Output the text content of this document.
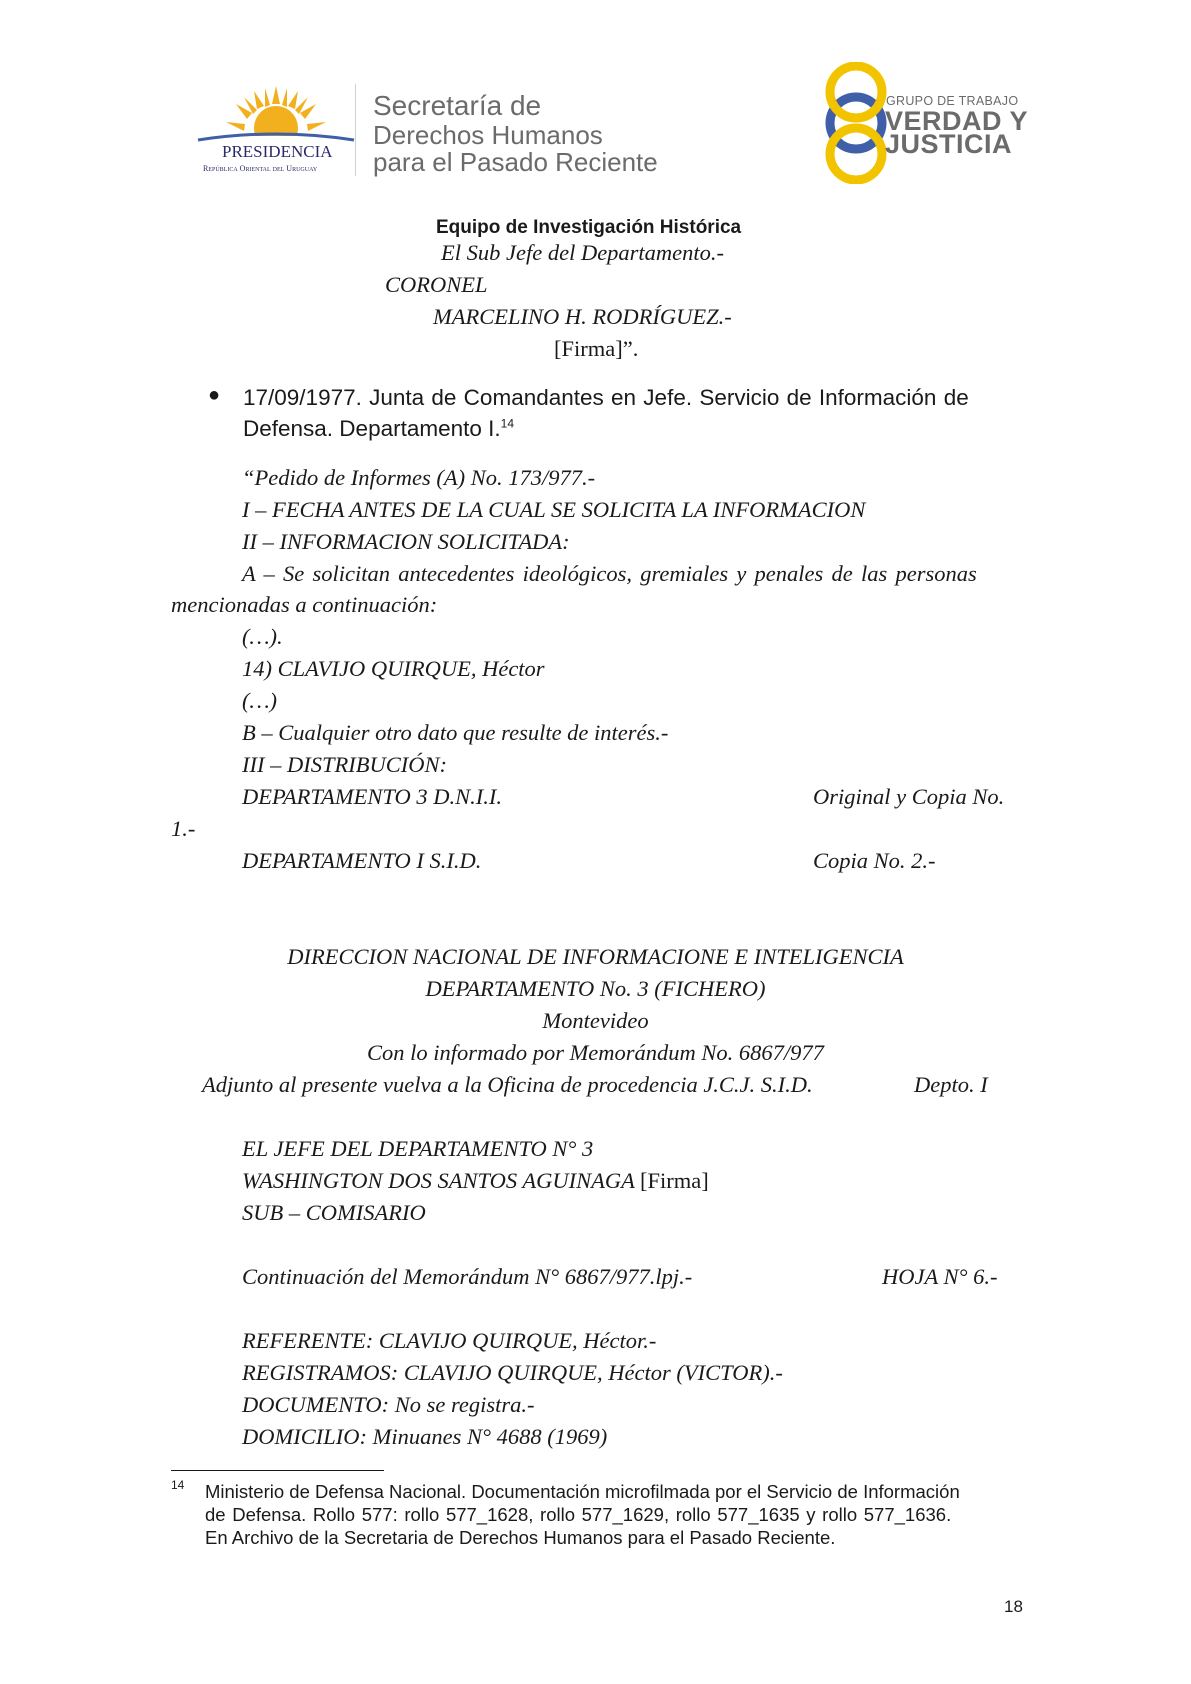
PRESIDENCIA
República Oriental del Uruguay
Secretaría de
Derechos Humanos
para el Pasado Reciente
GRUPO DE TRABAJO
VERDAD Y
JUSTICIA
Equipo de Investigación Histórica
El Sub Jefe del Departamento.-
CORONEL
MARCELINO H. RODRÍGUEZ.-
[Firma]”.
● 17/09/1977. Junta de Comandantes en Jefe. Servicio de Información de
Defensa. Departamento I.$^{14}$
“Pedido de Informes (A) No. 173/977.-
I – FECHA ANTES DE LA CUAL SE SOLICITA LA INFORMACION
II – INFORMACION SOLICITADA:
A – Se solicitan antecedentes ideológicos, gremiales y penales de las personas
mencionadas a continuación:
(…).
14) CLAVIJO QUIRQUE, Héctor
(…)
B – Cualquier otro dato que resulte de interés.-
III – DISTRIBUCIÓN:
DEPARTAMENTO 3 D.N.I.I.	Original y Copia No.
1.-
DEPARTAMENTO I S.I.D.	Copia No. 2.-
DIRECCION NACIONAL DE INFORMACIONE E INTELIGENCIA
DEPARTAMENTO No. 3 (FICHERO)
Montevideo
Con lo informado por Memorándum No. 6867/977
Adjunto al presente vuelva a la Oficina de procedencia J.C.J. S.I.D.	Depto. I
EL JEFE DEL DEPARTAMENTO N° 3
WASHINGTON DOS SANTOS AGUINAGA [Firma]
SUB – COMISARIO
Continuación del Memorándum N° 6867/977.lpj.-	HOJA N° 6.-
REFERENTE: CLAVIJO QUIRQUE, Héctor.-
REGISTRAMOS: CLAVIJO QUIRQUE, Héctor (VICTOR).-
DOCUMENTO: No se registra.-
DOMICILIO: Minuanes N° 4688 (1969)
14 Ministerio de Defensa Nacional. Documentación microfilmada por el Servicio de Información
de Defensa. Rollo 577: rollo 577_1628, rollo 577_1629, rollo 577_1635 y rollo 577_1636.
En Archivo de la Secretaria de Derechos Humanos para el Pasado Reciente.
18
